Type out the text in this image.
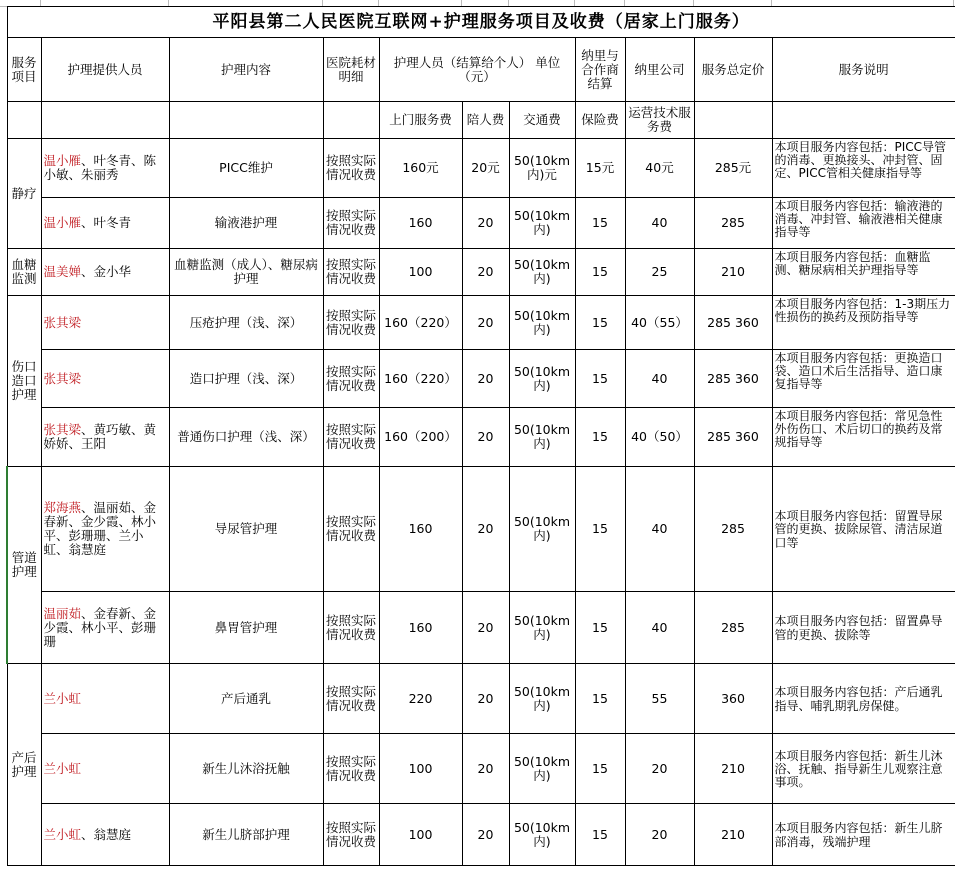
平阳县第二人民医院互联网+护理服务项目及收费（居家上门服务）										
服务项目	护理提供人员	护理内容	医院耗材明细	护理人员（结算给个人） 单位（元）			纳里与合作商结算	纳里公司	服务总定价	服务说明
				上门服务费	陪人费	交通费	保险费	运营技术服务费		
静疗	温小雁、叶冬青、陈小敏、朱丽秀	PICC维护	按照实际情况收费	160元	20元	50(10km内)元	15元	40元	285元	本项目服务内容包括：PICC导管的消毒、更换接头、冲封管、固定、PICC管相关健康指导等
	温小雁、叶冬青	输液港护理	按照实际情况收费	160	20	50(10km内)	15	40	285	本项目服务内容包括：输液港的消毒、冲封管、输液港相关健康指导等
血糖监测	温美婵、金小华	血糖监测（成人）、糖尿病护理	按照实际情况收费	100	20	50(10km内)	15	25	210	本项目服务内容包括：血糖监测、糖尿病相关护理指导等
伤口造口护理	张其梁	压疮护理（浅、深）	按照实际情况收费	160（220）	20	50(10km内)	15	40（55）	285 360	本项目服务内容包括：1-3期压力性损伤的换药及预防指导等
	张其梁	造口护理（浅、深）	按照实际情况收费	160（220）	20	50(10km内)	15	40	285 360	本项目服务内容包括：更换造口袋、造口术后生活指导、造口康复指导等
	张其梁、黄巧敏、黄娇娇、王阳	普通伤口护理（浅、深）	按照实际情况收费	160（200）	20	50(10km内)	15	40（50）	285 360	本项目服务内容包括：常见急性外伤伤口、术后切口的换药及常规指导等
管道护理	郑海燕、温丽茹、金春新、金少霞、林小平、彭珊珊、兰小虹、翁慧庭	导尿管护理	按照实际情况收费	160	20	50(10km内)	15	40	285	本项目服务内容包括：留置导尿管的更换、拔除尿管、清洁尿道口等
	温丽茹、金春新、金少霞、林小平、彭珊珊	鼻胃管护理	按照实际情况收费	160	20	50(10km内)	15	40	285	本项目服务内容包括：留置鼻导管的更换、拔除等
产后护理	兰小虹	产后通乳	按照实际情况收费	220	20	50(10km内)	15	55	360	本项目服务内容包括：产后通乳指导、哺乳期乳房保健。
	兰小虹	新生儿沐浴抚触	按照实际情况收费	100	20	50(10km内)	15	20	210	本项目服务内容包括：新生儿沐浴、抚触、指导新生儿观察注意事项。
	兰小虹、翁慧庭	新生儿脐部护理	按照实际情况收费	100	20	50(10km内)	15	20	210	本项目服务内容包括：新生儿脐部消毒，残端护理
